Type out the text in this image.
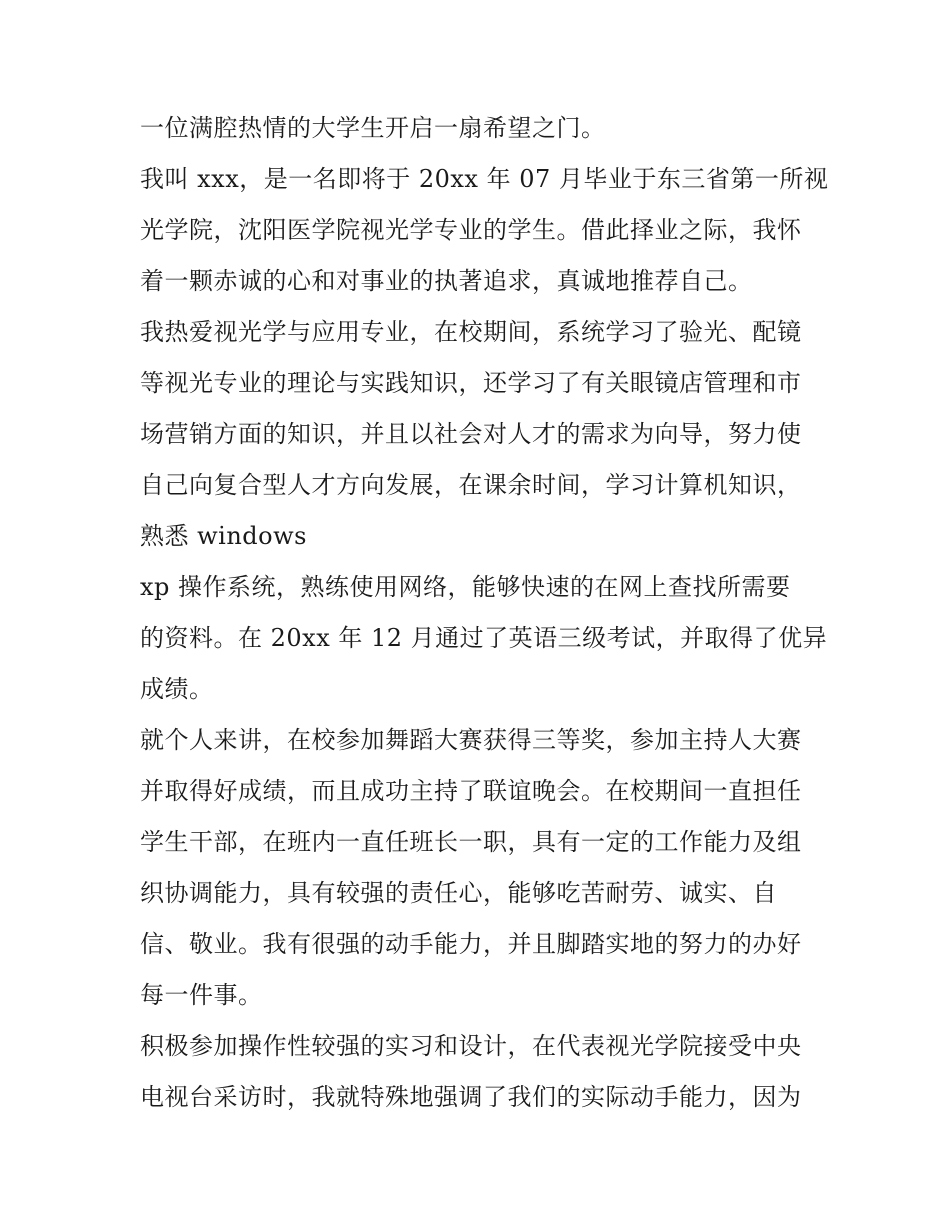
一位满腔热情的大学生开启一扇希望之门。
我叫 xxx，是一名即将于 20xx 年 07 月毕业于东三省第一所视
光学院，沈阳医学院视光学专业的学生。借此择业之际，我怀
着一颗赤诚的心和对事业的执著追求，真诚地推荐自己。
我热爱视光学与应用专业，在校期间，系统学习了验光、配镜
等视光专业的理论与实践知识，还学习了有关眼镜店管理和市
场营销方面的知识，并且以社会对人才的需求为向导，努力使
自己向复合型人才方向发展，在课余时间，学习计算机知识，
熟悉 windows
xp 操作系统，熟练使用网络，能够快速的在网上查找所需要
的资料。在 20xx 年 12 月通过了英语三级考试，并取得了优异
成绩。
就个人来讲，在校参加舞蹈大赛获得三等奖，参加主持人大赛
并取得好成绩，而且成功主持了联谊晚会。在校期间一直担任
学生干部，在班内一直任班长一职，具有一定的工作能力及组
织协调能力，具有较强的责任心，能够吃苦耐劳、诚实、自
信、敬业。我有很强的动手能力，并且脚踏实地的努力的办好
每一件事。
积极参加操作性较强的实习和设计，在代表视光学院接受中央
电视台采访时，我就特殊地强调了我们的实际动手能力，因为
